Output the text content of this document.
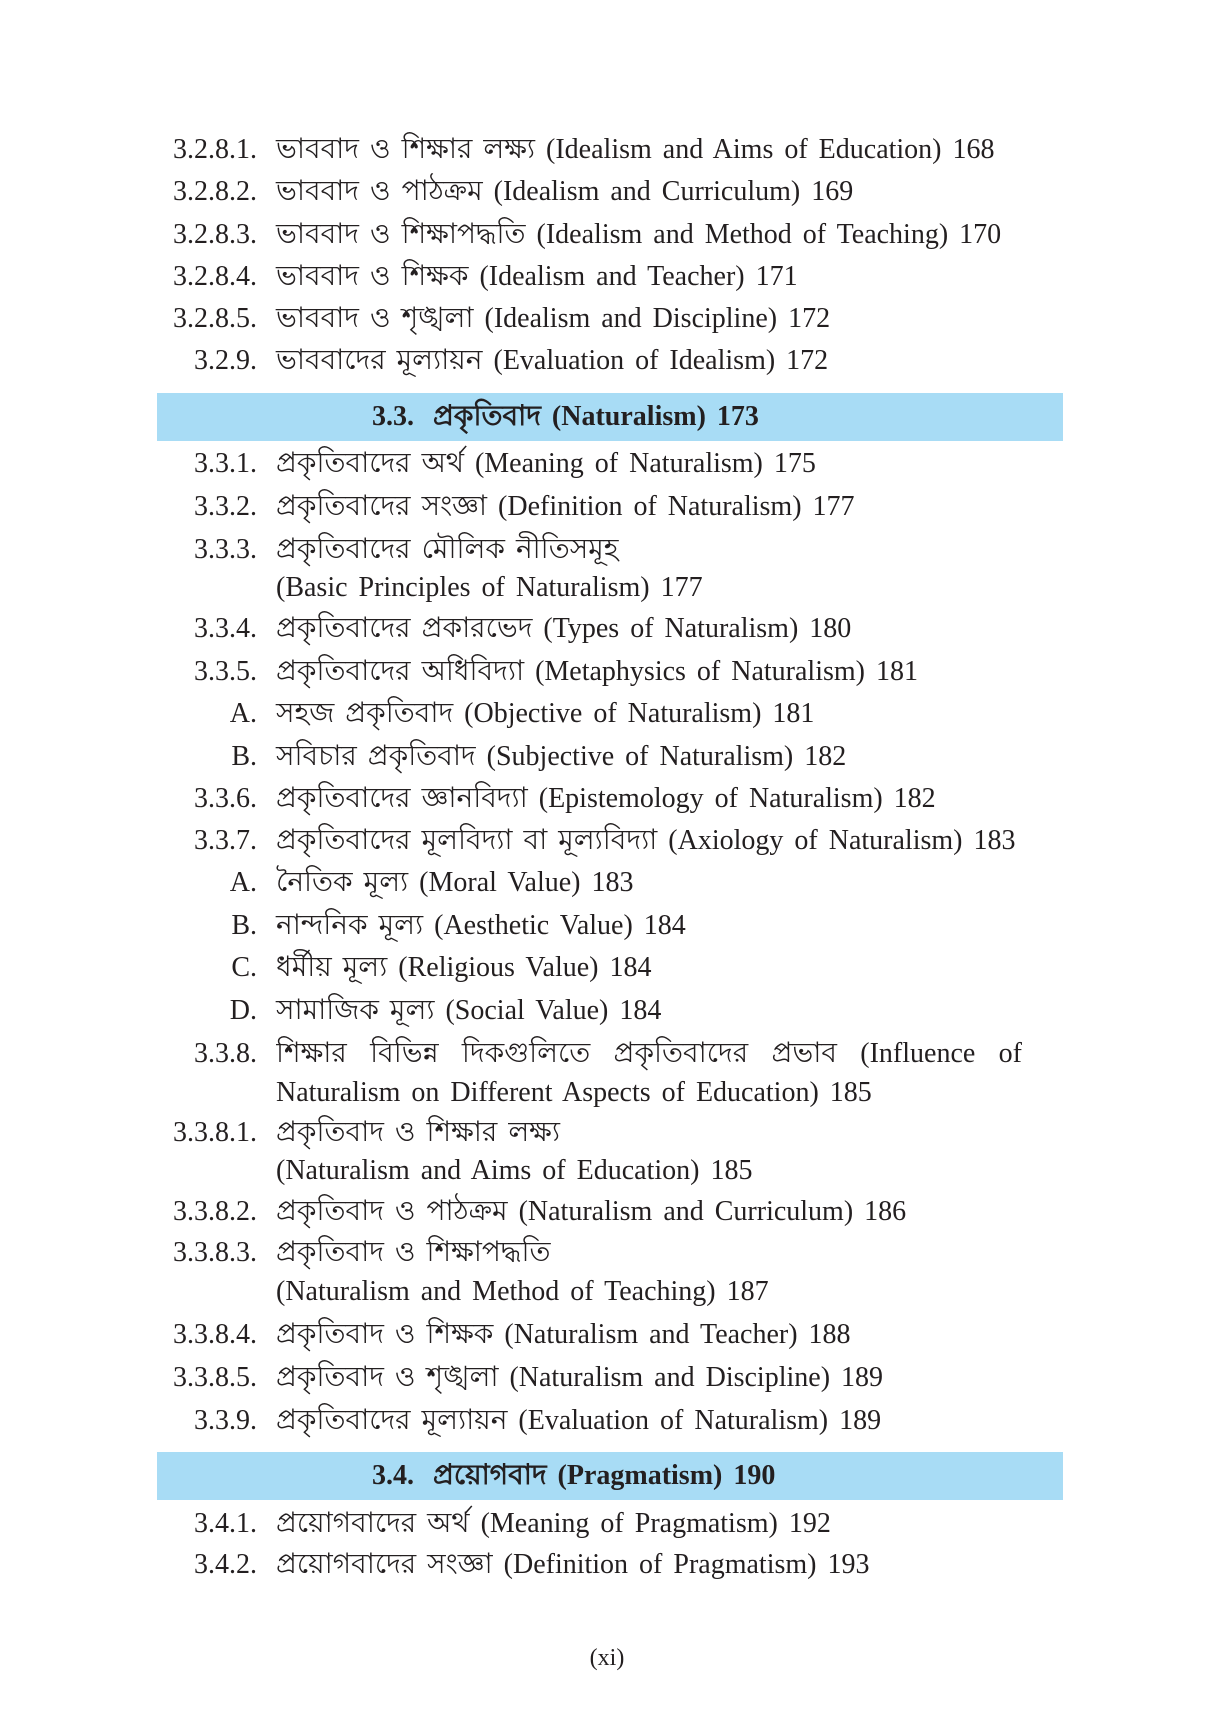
3.2.8.1. ভাববাদ ও শিক্ষার লক্ষ্য (Idealism and Aims of Education) 168
3.2.8.2. ভাববাদ ও পাঠক্রম (Idealism and Curriculum) 169
3.2.8.3. ভাববাদ ও শিক্ষাপদ্ধতি (Idealism and Method of Teaching) 170
3.2.8.4. ভাববাদ ও শিক্ষক (Idealism and Teacher) 171
3.2.8.5. ভাববাদ ও শৃঙ্খলা (Idealism and Discipline) 172
3.2.9. ভাববাদের মূল্যায়ন (Evaluation of Idealism) 172
3.3. প্রকৃতিবাদ (Naturalism) 173
3.3.1. প্রকৃতিবাদের অর্থ (Meaning of Naturalism) 175
3.3.2. প্রকৃতিবাদের সংজ্ঞা (Definition of Naturalism) 177
3.3.3. প্রকৃতিবাদের মৌলিক নীতিসমূহ
(Basic Principles of Naturalism) 177
3.3.4. প্রকৃতিবাদের প্রকারভেদ (Types of Naturalism) 180
3.3.5. প্রকৃতিবাদের অধিবিদ্যা (Metaphysics of Naturalism) 181
A. সহজ প্রকৃতিবাদ (Objective of Naturalism) 181
B. সবিচার প্রকৃতিবাদ (Subjective of Naturalism) 182
3.3.6. প্রকৃতিবাদের জ্ঞানবিদ্যা (Epistemology of Naturalism) 182
3.3.7. প্রকৃতিবাদের মূলবিদ্যা বা মূল্যবিদ্যা (Axiology of Naturalism) 183
A. নৈতিক মূল্য (Moral Value) 183
B. নান্দনিক মূল্য (Aesthetic Value) 184
C. ধর্মীয় মূল্য (Religious Value) 184
D. সামাজিক মূল্য (Social Value) 184
3.3.8. শিক্ষার বিভিন্ন দিকগুলিতে প্রকৃতিবাদের প্রভাব (Influence of
Naturalism on Different Aspects of Education) 185
3.3.8.1. প্রকৃতিবাদ ও শিক্ষার লক্ষ্য
(Naturalism and Aims of Education) 185
3.3.8.2. প্রকৃতিবাদ ও পাঠক্রম (Naturalism and Curriculum) 186
3.3.8.3. প্রকৃতিবাদ ও শিক্ষাপদ্ধতি
(Naturalism and Method of Teaching) 187
3.3.8.4. প্রকৃতিবাদ ও শিক্ষক (Naturalism and Teacher) 188
3.3.8.5. প্রকৃতিবাদ ও শৃঙ্খলা (Naturalism and Discipline) 189
3.3.9. প্রকৃতিবাদের মূল্যায়ন (Evaluation of Naturalism) 189
3.4. প্রয়োগবাদ (Pragmatism) 190
3.4.1. প্রয়োগবাদের অর্থ (Meaning of Pragmatism) 192
3.4.2. প্রয়োগবাদের সংজ্ঞা (Definition of Pragmatism) 193
(xi)
